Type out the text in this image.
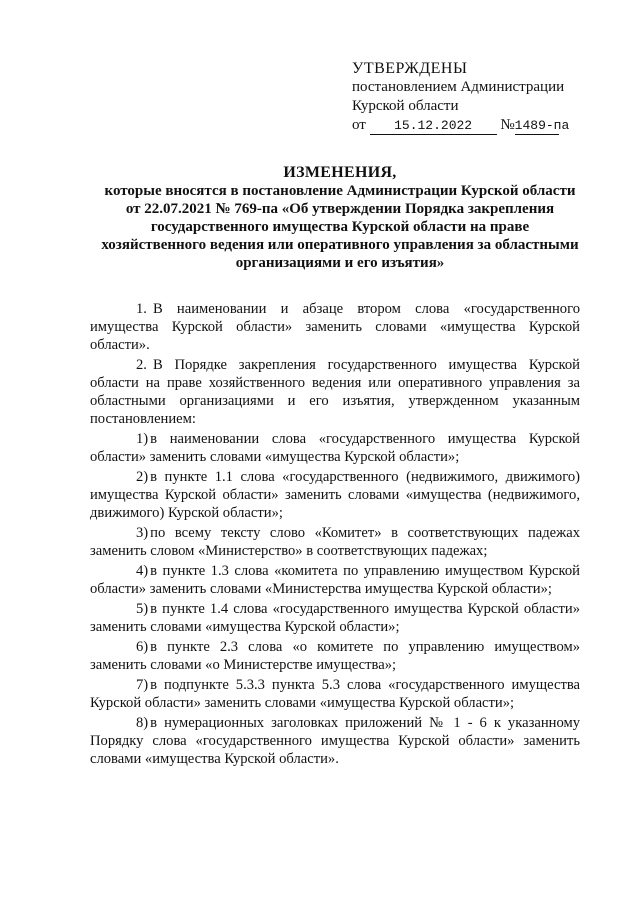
УТВЕРЖДЕНЫ
постановлением Администрации
Курской области
от 15.12.2022 №1489-па
ИЗМЕНЕНИЯ,
которые вносятся в постановление Администрации Курской области
от 22.07.2021 № 769-па «Об утверждении Порядка закрепления
государственного имущества Курской области на праве
хозяйственного ведения или оперативного управления за областными
организациями и его изъятия»

1. В наименовании и абзаце втором слова «государственного имущества Курской области» заменить словами «имущества Курской области».

2. В Порядке закрепления государственного имущества Курской области на праве хозяйственного ведения или оперативного управления за областными организациями и его изъятия, утвержденном указанным постановлением:

1) в наименовании слова «государственного имущества Курской области» заменить словами «имущества Курской области»;

2) в пункте 1.1 слова «государственного (недвижимого, движимого) имущества Курской области» заменить словами «имущества (недвижимого, движимого) Курской области»;

3) по всему тексту слово «Комитет» в соответствующих падежах заменить словом «Министерство» в соответствующих падежах;

4) в пункте 1.3 слова «комитета по управлению имуществом Курской области» заменить словами «Министерства имущества Курской области»;

5) в пункте 1.4 слова «государственного имущества Курской области» заменить словами «имущества Курской области»;

6) в пункте 2.3 слова «о комитете по управлению имуществом» заменить словами «о Министерстве имущества»;

7) в подпункте 5.3.3 пункта 5.3 слова «государственного имущества Курской области» заменить словами «имущества Курской области»;

8) в нумерационных заголовках приложений № 1 - 6 к указанному Порядку слова «государственного имущества Курской области» заменить словами «имущества Курской области».
